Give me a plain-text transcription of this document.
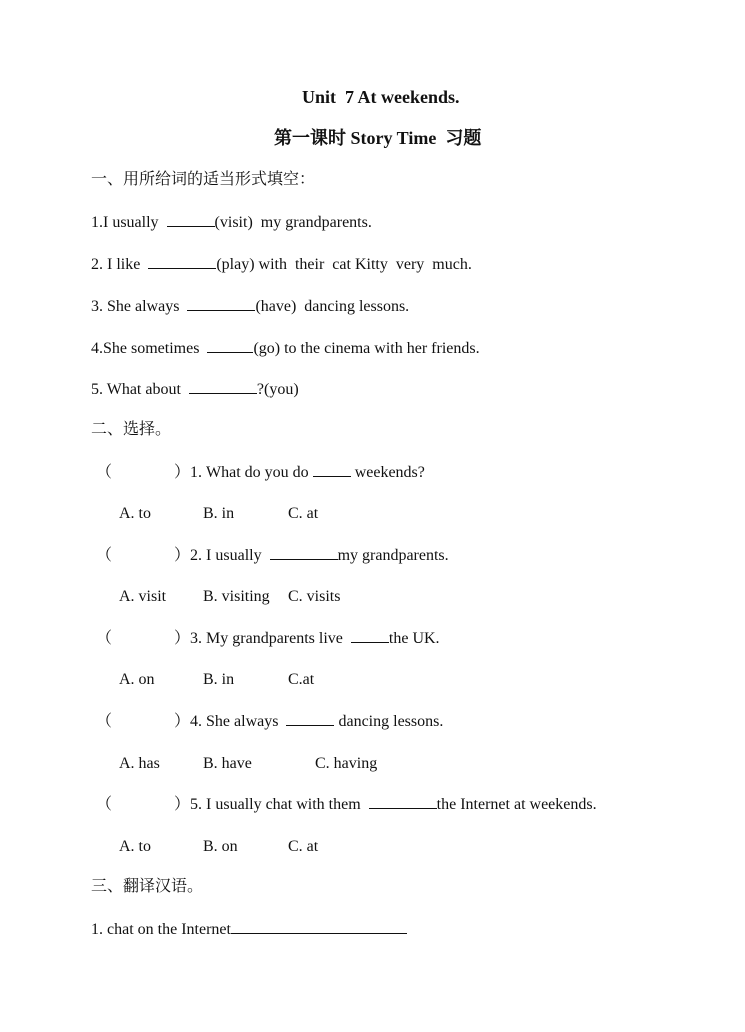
Unit  7 At weekends.
第一课时 Story Time  习题
一、用所给词的适当形式填空：
1.I usually	(visit)  my grandparents.
2. I like	(play) with  their  cat Kitty  very  much.
3. She always	(have)  dancing lessons.
4.She sometimes	(go) to the cinema with her friends.
5. What about	?(you)
二、选择。
（	）1. What do you do  weekends?
A. to	B. in	C. at
（	）2. I usually	my grandparents.
A. visit B. visiting C. visits
（	）3. My grandparents live  the UK.
A. on	B. in	C.at
（	）4. She always	dancing lessons.
A. has	B. have	C. having
（	）5. I usually chat with them	the Internet at weekends.
A. to	B. on	C. at
三、翻译汉语。
1. chat on the Internet
